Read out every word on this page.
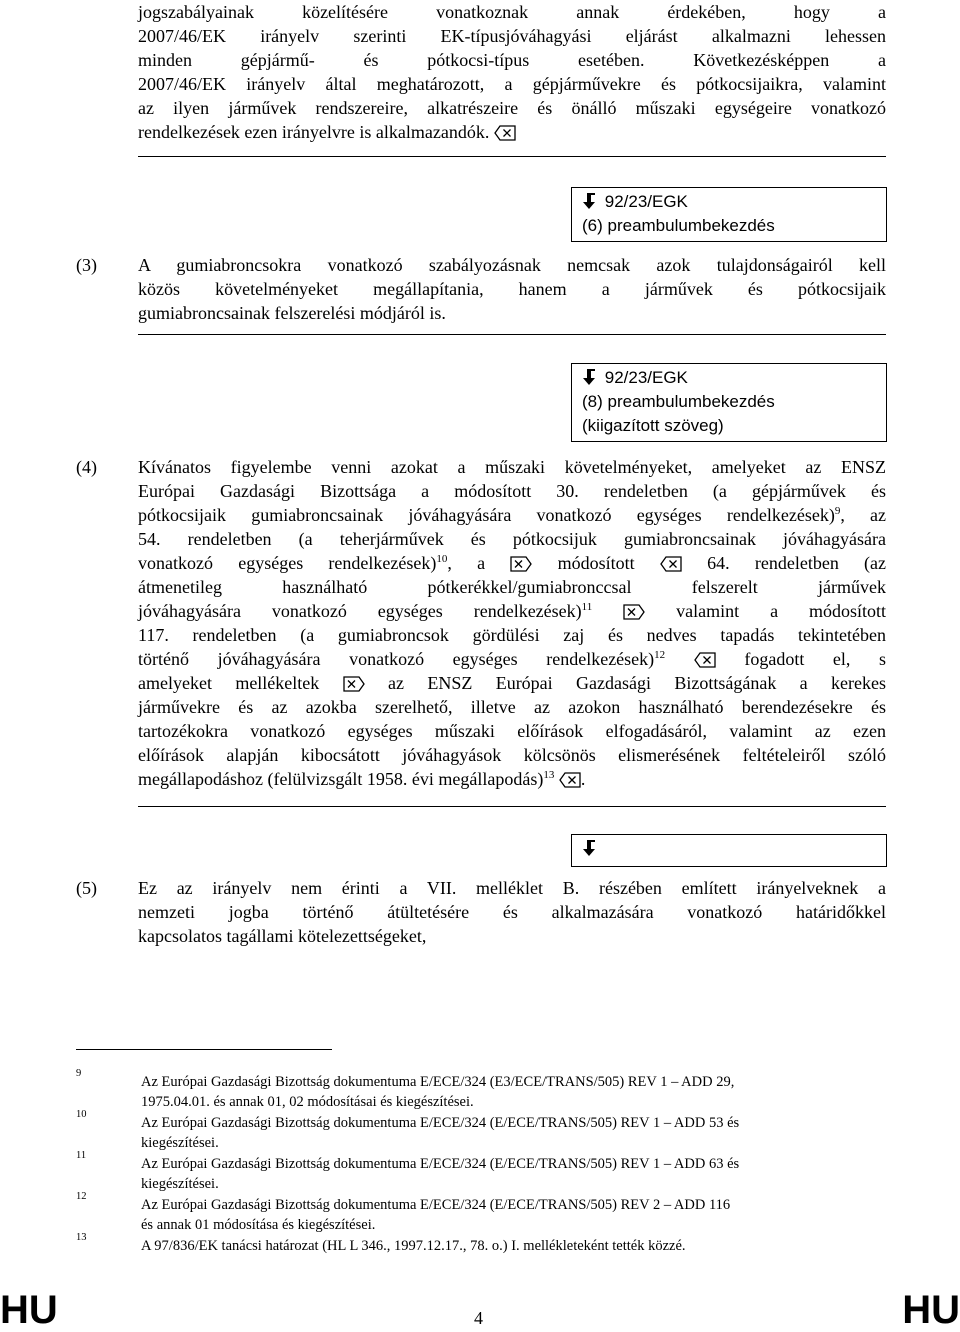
jogszabályainak közelítésére vonatkoznak annak érdekében, hogy a
2007/46/EK irányelv szerinti EK-típusjóváhagyási eljárást alkalmazni lehessen
minden gépjármű- és pótkocsi-típus esetében. Következésképpen a
2007/46/EK irányelv által meghatározott, a gépjárművekre és pótkocsijaikra, valamint
az ilyen járművek rendszereire, alkatrészeire és önálló műszaki egységeire vonatkozó
rendelkezések ezen irányelvre is alkalmazandók.
92/23/EGK
(6) preambulumbekezdés
(3) A gumiabroncsokra vonatkozó szabályozásnak nemcsak azok tulajdonságairól kell
közös követelményeket megállapítania, hanem a járművek és pótkocsijaik
gumiabroncsainak felszerelési módjáról is.
92/23/EGK
(8) preambulumbekezdés
(kiigazított szöveg)
(4) Kívánatos figyelembe venni azokat a műszaki követelményeket, amelyeket az ENSZ
Európai Gazdasági Bizottsága a módosított 30. rendeletben (a gépjárművek és
pótkocsijaik gumiabroncsainak jóváhagyására vonatkozó egységes rendelkezések)$^9$, az
54. rendeletben (a teherjárművek és pótkocsijuk gumiabroncsainak jóváhagyására
vonatkozó egységes rendelkezések)$^{10}$, a	módosított	64. rendeletben (az
átmenetileg használható pótkerékkel/gumiabronccsal felszerelt járművek
jóváhagyására vonatkozó egységes rendelkezések)$^{11}$	valamint a módosított
117. rendeletben (a gumiabroncsok gördülési zaj és nedves tapadás tekintetében
történő jóváhagyására vonatkozó egységes rendelkezések)$^{12}$	fogadott el, s
amelyeket mellékeltek	az ENSZ Európai Gazdasági Bizottságának a kerekes
járművekre és az azokba szerelhető, illetve az azokon használható berendezésekre és
tartozékokra vonatkozó egységes műszaki előírások elfogadásáról, valamint az ezen
előírások alapján kibocsátott jóváhagyások kölcsönös elismerésének feltételeiről szóló
megállapodáshoz (felülvizsgált 1958. évi megállapodás)$^{13}$ .
(5) Ez az irányelv nem érinti a VII. melléklet B. részében említett irányelveknek a
nemzeti jogba történő átültetésére és alkalmazására vonatkozó határidőkkel
kapcsolatos tagállami kötelezettségeket,
9
Az Európai Gazdasági Bizottság dokumentuma E/ECE/324 (E3/ECE/TRANS/505) REV 1 – ADD 29,
1975.04.01. és annak 01, 02 módosításai és kiegészítései.
10
Az Európai Gazdasági Bizottság dokumentuma E/ECE/324 (E/ECE/TRANS/505) REV 1 – ADD 53 és
kiegészítései.
11
Az Európai Gazdasági Bizottság dokumentuma E/ECE/324 (E/ECE/TRANS/505) REV 1 – ADD 63 és
kiegészítései.
12
Az Európai Gazdasági Bizottság dokumentuma E/ECE/324 (E/ECE/TRANS/505) REV 2 – ADD 116
és annak 01 módosítása és kiegészítései.
13
A 97/836/EK tanácsi határozat (HL L 346., 1997.12.17., 78. o.) I. mellékleteként tették közzé.
HU	4	HU
